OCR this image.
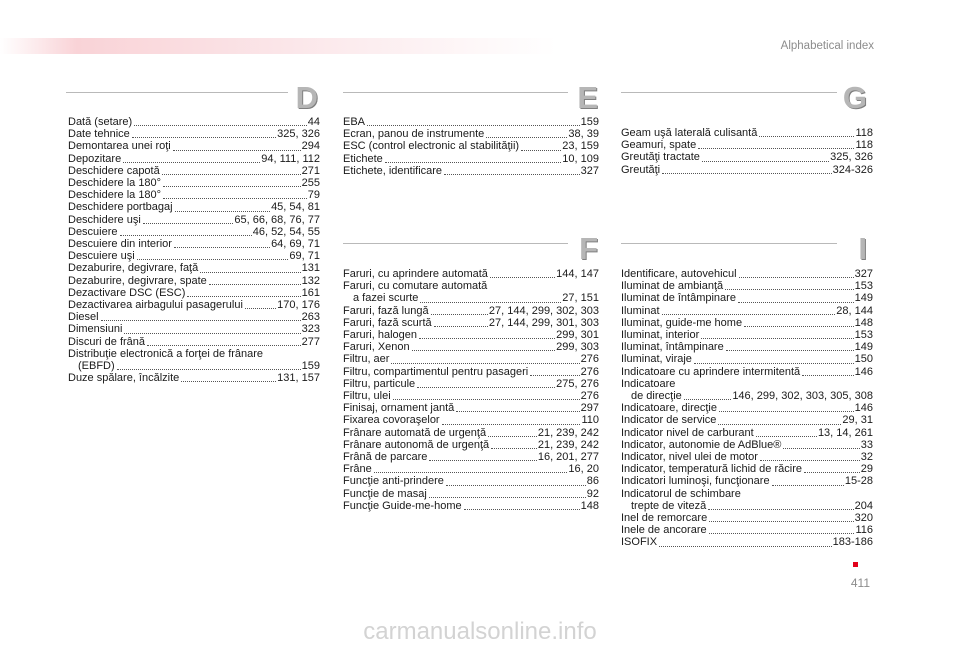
Alphabetical index
D
Dată (setare)	44
Date tehnice	325, 326
Demontarea unei roţi	294
Depozitare	94, 111, 112
Deschidere capotă	271
Deschidere la 180°	255
Deschidere la 180°	79
Deschidere portbagaj	45, 54, 81
Deschidere uşi	65, 66, 68, 76, 77
Descuiere	46, 52, 54, 55
Descuiere din interior	64, 69, 71
Descuiere uşi	69, 71
Dezaburire, degivrare, faţă	131
Dezaburire, degivrare, spate	132
Dezactivare DSC (ESC)	161
Dezactivarea airbagului pasagerului	170, 176
Diesel	263
Dimensiuni	323
Discuri de frână	277
Distribuţie electronică a forţei de frânare
(EBFD)	159
Duze spălare, încălzite	131, 157
E
EBA	159
Ecran, panou de instrumente	38, 39
ESC (control electronic al stabilităţii)	23, 159
Etichete	10, 109
Etichete, identificare	327
F
Faruri, cu aprindere automată	144, 147
Faruri, cu comutare automată
a fazei scurte	27, 151
Faruri, fază lungă	27, 144, 299, 302, 303
Faruri, fază scurtă	27, 144, 299, 301, 303
Faruri, halogen	299, 301
Faruri, Xenon	299, 303
Filtru, aer	276
Filtru, compartimentul pentru pasageri	276
Filtru, particule	275, 276
Filtru, ulei	276
Finisaj, ornament jantă	297
Fixarea covoraşelor	110
Frânare automată de urgenţă	21, 239, 242
Frânare autonomă de urgenţă	21, 239, 242
Frână de parcare	16, 201, 277
Frâne	16, 20
Funcţie anti-prindere	86
Funcţie de masaj	92
Funcţie Guide-me-home	148
G
Geam uşă laterală culisantă	118
Geamuri, spate	118
Greutăţi tractate	325, 326
Greutăţi	324-326
I
Identificare, autovehicul	327
Iluminat de ambianţă	153
Iluminat de întâmpinare	149
Iluminat	28, 144
Iluminat, guide-me home	148
Iluminat, interior	153
Iluminat, întâmpinare	149
Iluminat, viraje	150
Indicatoare cu aprindere intermitentă	146
Indicatoare
de direcţie	146, 299, 302, 303, 305, 308
Indicatoare, direcţie	146
Indicator de service	29, 31
Indicator nivel de carburant	13, 14, 261
Indicator, autonomie de AdBlue®	33
Indicator, nivel ulei de motor	32
Indicator, temperatură lichid de răcire	29
Indicatori luminoşi, funcţionare	15-28
Indicatorul de schimbare
trepte de viteză	204
Inel de remorcare	320
Inele de ancorare	116
ISOFIX	183-186
411
carmanualsonline.info
